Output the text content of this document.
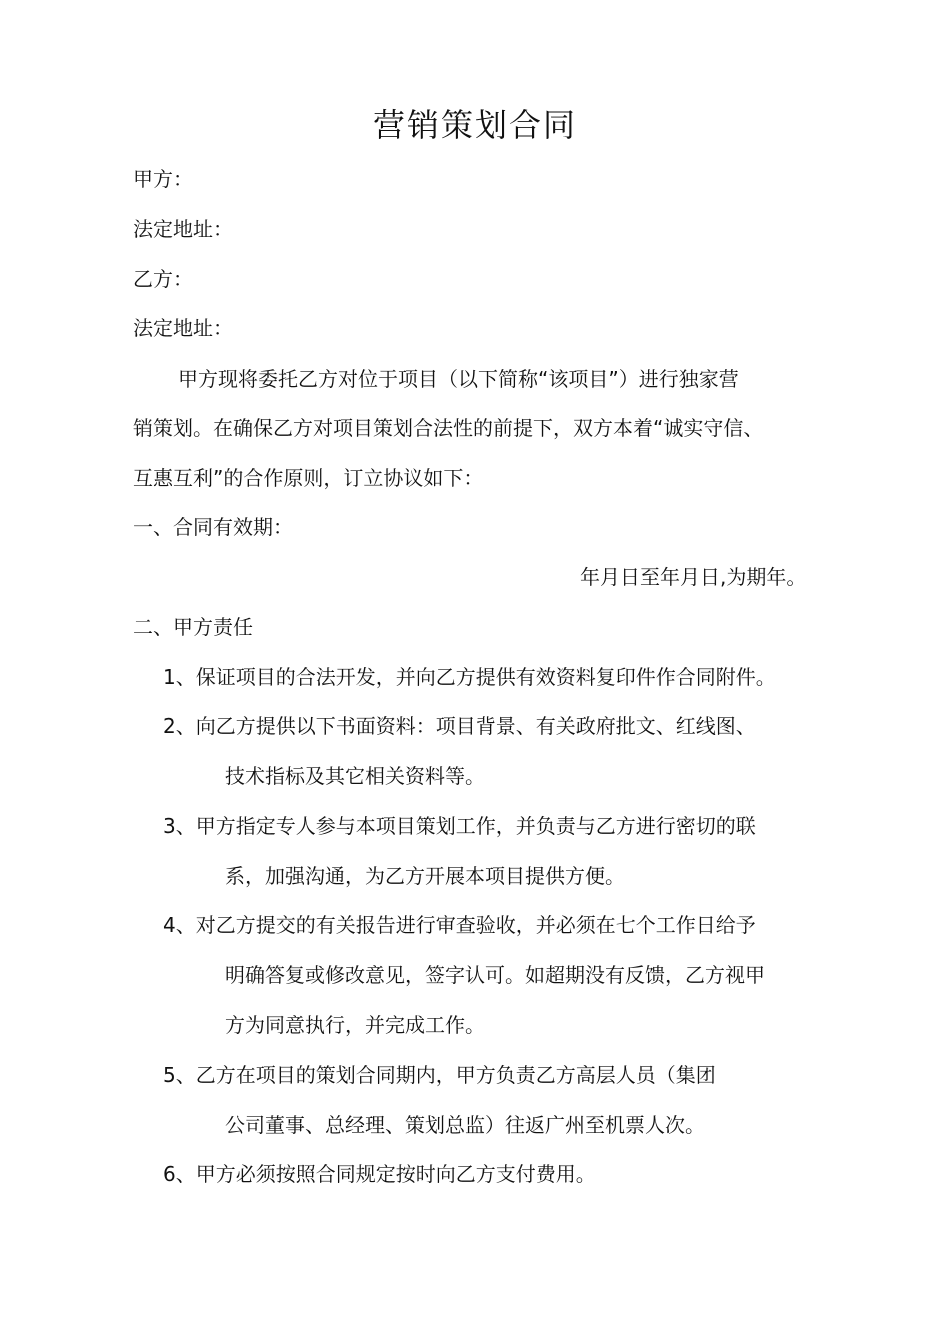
营销策划合同
甲方：
法定地址：
乙方：
法定地址：
甲方现将委托乙方对位于项目（以下简称“该项目”）进行独家营
销策划。在确保乙方对项目策划合法性的前提下，双方本着“诚实守信、
互惠互利”的合作原则，订立协议如下：
一、合同有效期：
年月日至年月日,为期年。
二、甲方责任
1、保证项目的合法开发，并向乙方提供有效资料复印件作合同附件。
2、向乙方提供以下书面资料：项目背景、有关政府批文、红线图、
技术指标及其它相关资料等。
3、甲方指定专人参与本项目策划工作，并负责与乙方进行密切的联
系，加强沟通，为乙方开展本项目提供方便。
4、对乙方提交的有关报告进行审查验收，并必须在七个工作日给予
明确答复或修改意见，签字认可。如超期没有反馈，乙方视甲
方为同意执行，并完成工作。
5、乙方在项目的策划合同期内，甲方负责乙方高层人员（集团
公司董事、总经理、策划总监）往返广州至机票人次。
6、甲方必须按照合同规定按时向乙方支付费用。
